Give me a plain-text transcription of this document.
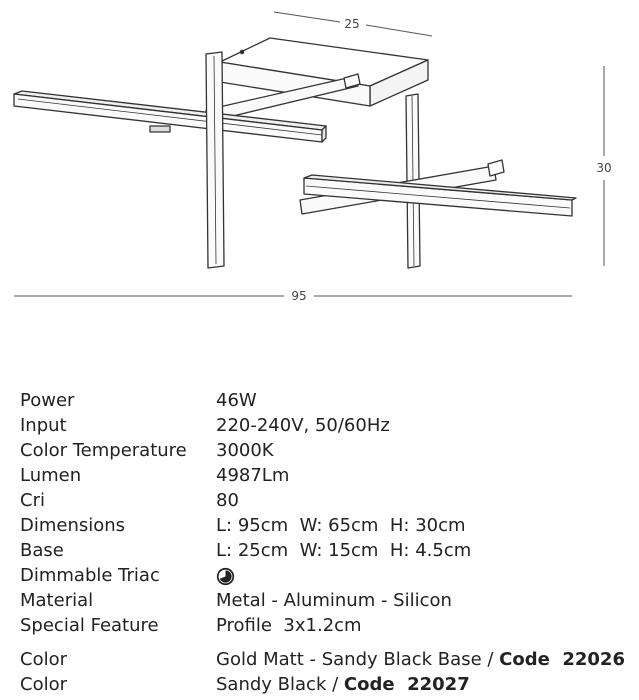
25
30
95
Power	46W
Input	220-240V, 50/60Hz
Color Temperature	3000K
Lumen	4987Lm
Cri	80
Dimensions	L: 95cm  W: 65cm  H: 30cm
Base	L: 25cm  W: 15cm  H: 4.5cm
Dimmable Triac
Material	Metal - Aluminum - Silicon
Special Feature	Profile  3x1.2cm
Color	Gold Matt - Sandy Black Base / Code  22026
Color	Sandy Black / Code  22027
